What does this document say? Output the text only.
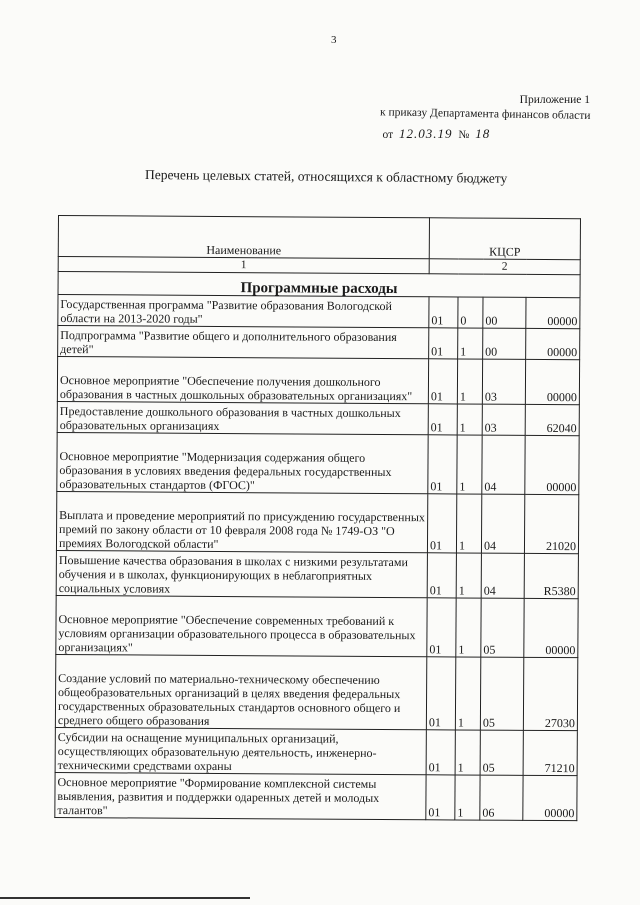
3
Приложение 1
к приказу Департамента финансов области
от 12.03.19 № 18
Перечень целевых статей, относящихся к областному бюджету
Наименование	КЦСР			
1	2			
Программные расходы				
Государственная программа "Развитие образования Вологодской области на 2013-2020 годы"	01	0	00	00000
Подпрограмма "Развитие общего и дополнительного образования детей"	01	1	00	00000
Основное мероприятие "Обеспечение получения дошкольного образования в частных дошкольных образовательных организациях"	01	1	03	00000
Предоставление дошкольного образования в частных дошкольных образовательных организациях	01	1	03	62040
Основное мероприятие "Модернизация содержания общего образования в условиях введения федеральных государственных образовательных стандартов (ФГОС)"	01	1	04	00000
Выплата и проведение мероприятий по присуждению государственных премий по закону области от 10 февраля 2008 года № 1749-ОЗ "О премиях Вологодской области"	01	1	04	21020
Повышение качества образования в школах с низкими результатами обучения и в школах, функционирующих в неблагоприятных социальных условиях	01	1	04	R5380
Основное мероприятие "Обеспечение современных требований к условиям организации образовательного процесса в образовательных организациях"	01	1	05	00000
Создание условий по материально-техническому обеспечению общеобразовательных организаций в целях введения федеральных государственных образовательных стандартов основного общего и среднего общего образования	01	1	05	27030
Субсидии на оснащение муниципальных организаций, осуществляющих образовательную деятельность, инженерно-техническими средствами охраны	01	1	05	71210
Основное мероприятие "Формирование комплексной системы выявления, развития и поддержки одаренных детей и молодых талантов"	01	1	06	00000
